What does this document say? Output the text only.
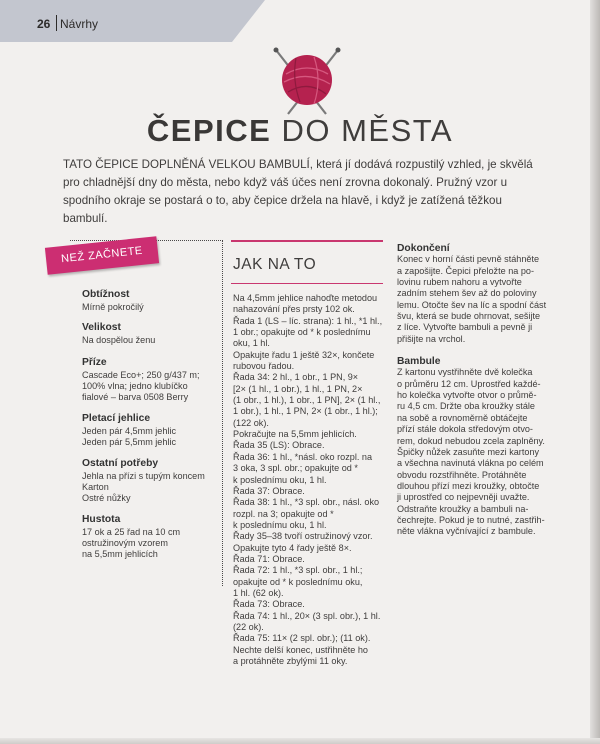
26 Návrhy
ČEPICE DO MĚSTA
TATO ČEPICE DOPLNĚNÁ VELKOU BAMBULÍ, která jí dodává rozpustilý vzhled, je skvělá pro chladnější dny do města, nebo když váš účes není zrovna dokonalý. Pružný vzor u spodního okraje se postará o to, aby čepice držela na hlavě, i když je zatížená těžkou bambulí.
NEŽ ZAČNETE
Obtížnost
Mírně pokročilý
Velikost
Na dospělou ženu
Příze
Cascade Eco+; 250 g/437 m;
100% vlna; jedno klubíčko
fialové – barva 0508 Berry
Pletací jehlice
Jeden pár 4,5mm jehlic
Jeden pár 5,5mm jehlic
Ostatní potřeby
Jehla na přízi s tupým koncem
Karton
Ostré nůžky
Hustota
17 ok a 25 řad na 10 cm
ostružinovým vzorem
na 5,5mm jehlicích
JAK NA TO
Na 4,5mm jehlice nahoďte metodou
nahazování přes prsty 102 ok.
Řada 1 (LS – líc. strana): 1 hl., *1 hl.,
1 obr.; opakujte od * k poslednímu
oku, 1 hl.
Opakujte řadu 1 ještě 32×, končete
rubovou řadou.
Řada 34: 2 hl., 1 obr., 1 PN, 9×
[2× (1 hl., 1 obr.), 1 hl., 1 PN, 2×
(1 obr., 1 hl.), 1 obr., 1 PN], 2× (1 hl.,
1 obr.), 1 hl., 1 PN, 2× (1 obr., 1 hl.);
(122 ok).
Pokračujte na 5,5mm jehlicích.
Řada 35 (LS): Obrace.
Řada 36: 1 hl., *násl. oko rozpl. na
3 oka, 3 spl. obr.; opakujte od *
k poslednímu oku, 1 hl.
Řada 37: Obrace.
Řada 38: 1 hl., *3 spl. obr., násl. oko
rozpl. na 3; opakujte od *
k poslednímu oku, 1 hl.
Řady 35–38 tvoří ostružinový vzor.
Opakujte tyto 4 řady ještě 8×.
Řada 71: Obrace.
Řada 72: 1 hl., *3 spl. obr., 1 hl.;
opakujte od * k poslednímu oku,
1 hl. (62 ok).
Řada 73: Obrace.
Řada 74: 1 hl., 20× (3 spl. obr.), 1 hl.
(22 ok).
Řada 75: 11× (2 spl. obr.); (11 ok).
Nechte delší konec, ustřihněte ho
a protáhněte zbylými 11 oky.
Dokončení
Konec v horní části pevně stáhněte
a zapošijte. Čepici přeložte na po-
lovinu rubem nahoru a vytvořte
zadním stehem šev až do poloviny
lemu. Otočte šev na líc a spodní část
švu, která se bude ohrnovat, sešijte
z líce. Vytvořte bambuli a pevně ji
přišijte na vrchol.
Bambule
Z kartonu vystřihněte dvě kolečka
o průměru 12 cm. Uprostřed každé-
ho kolečka vytvořte otvor o průmě-
ru 4,5 cm. Držte oba kroužky stále
na sobě a rovnoměrně obtáčejte
přízí stále dokola středovým otvo-
rem, dokud nebudou zcela zaplněny.
Špičky nůžek zasuňte mezi kartony
a všechna navinutá vlákna po celém
obvodu rozstřihněte. Protáhněte
dlouhou přízí mezi kroužky, obtočte
ji uprostřed co nejpevněji uvažte.
Odstraňte kroužky a bambuli na-
čechrejte. Pokud je to nutné, zastřih-
něte vlákna vyčnívající z bambule.
